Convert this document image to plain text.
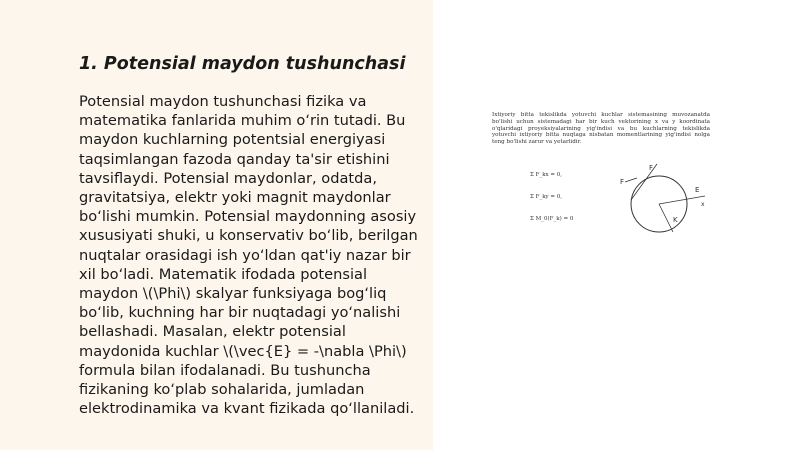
1. Potensial maydon tushunchasi

Potensial maydon tushunchasi fizika va matematika fanlarida muhim o‘rin tutadi. Bu maydon kuchlarning potentsial energiyasi taqsimlangan fazoda qanday ta'sir etishini tavsiflaydi. Potensial maydonlar, odatda, gravitatsiya, elektr yoki magnit maydonlar bo‘lishi mumkin. Potensial maydonning asosiy xususiyati shuki, u konservativ bo‘lib, berilgan nuqtalar orasidagi ish yo‘ldan qat'iy nazar bir xil bo‘ladi. Matematik ifodada potensial maydon \(\Phi\) skalyar funksiyaga bog‘liq bo‘lib, kuchning har bir nuqtadagi yo‘nalishi bellashadi. Masalan, elektr potensial maydonida kuchlar \(\vec{E} = -\nabla \Phi\) formula bilan ifodalanadi. Bu tushuncha fizikaning ko‘plab sohalarida, jumladan elektrodinamika va kvant fizikada qo‘llaniladi.

Ixtiyoriy bitta tekislikda yotuvchi kuchlar sistemasining muvozanatda bo'lishi uchun sistemadagi har bir kuch vektorining x va y koordinata o'qlaridagi proyeksiyalarining yig'indisi va bu kuchlarning tekislikda yotuvchi ixtiyoriy bitta nuqtaga nisbatan momentlarining yig'indisi nolga teng bo'lishi zarur va yetarlidir.
Σ F_kx = 0,
Σ F_ky = 0,
Σ M_0(F_k) = 0
F
F
E
K
x
